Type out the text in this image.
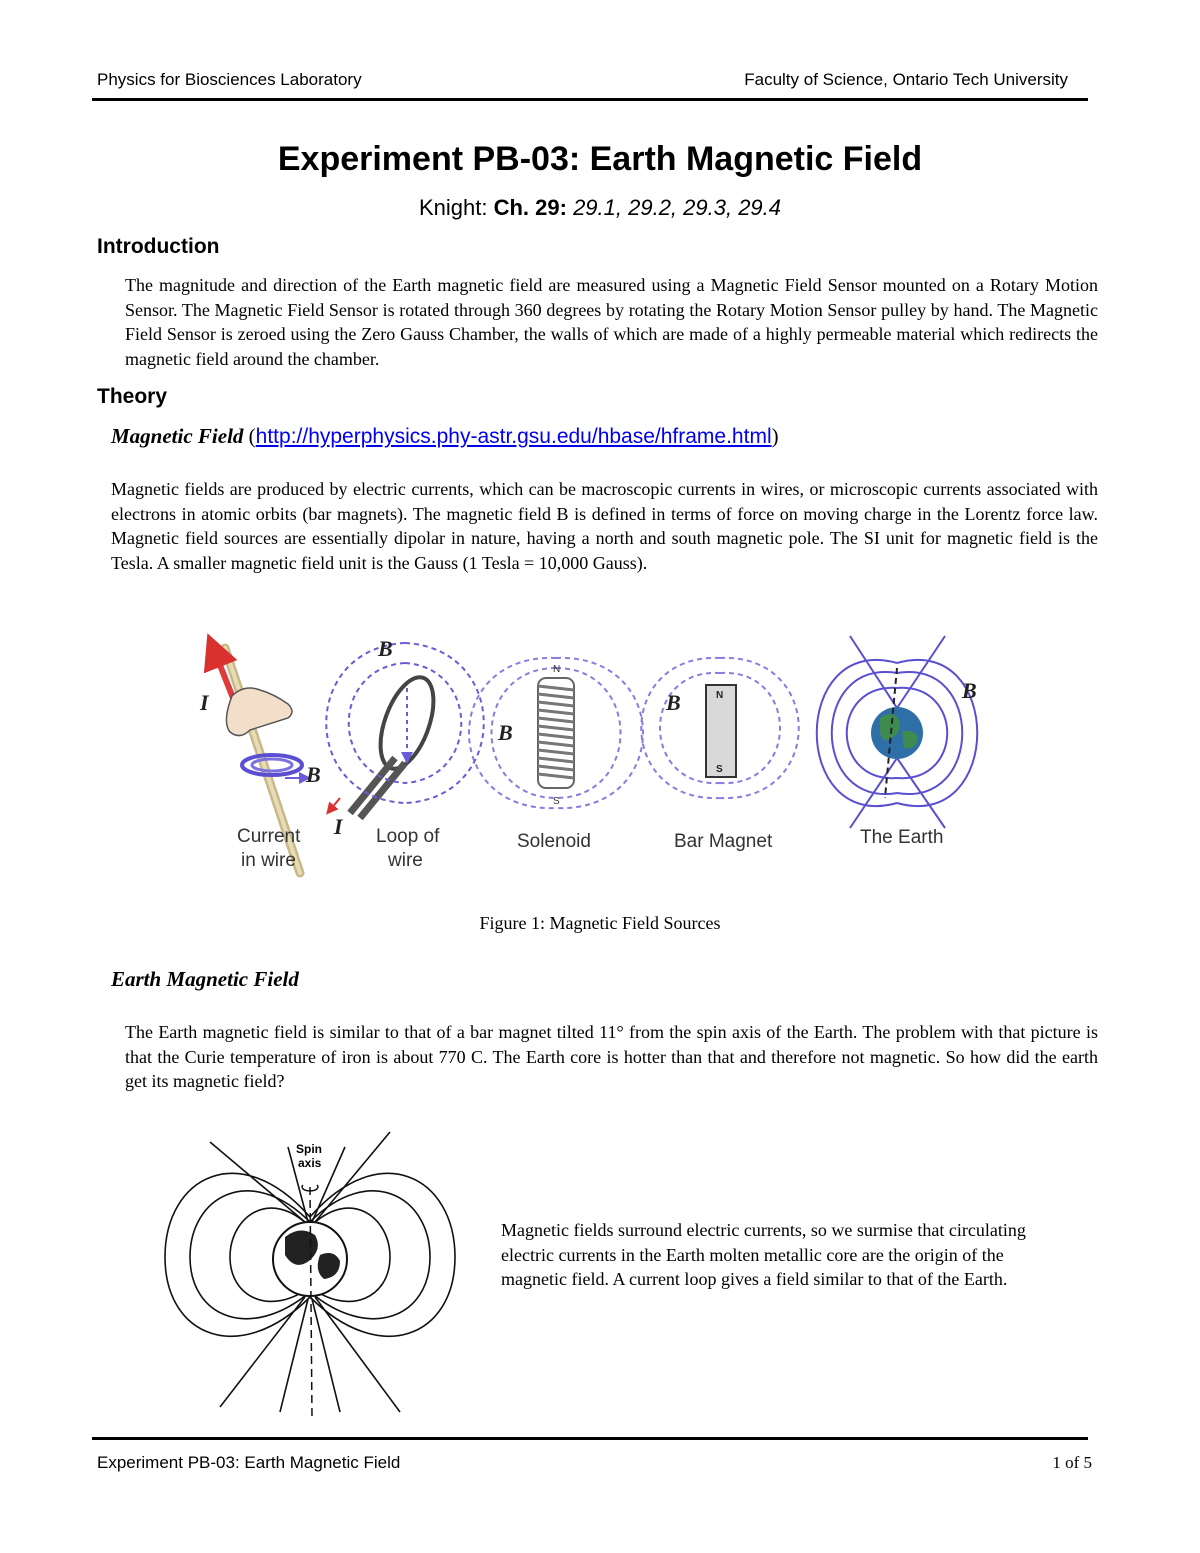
Physics for Biosciences Laboratory	Faculty of Science, Ontario Tech University
Experiment PB-03: Earth Magnetic Field
Knight: Ch. 29: 29.1, 29.2, 29.3, 29.4
Introduction
The magnitude and direction of the Earth magnetic field are measured using a Magnetic Field Sensor mounted on a Rotary Motion Sensor. The Magnetic Field Sensor is rotated through 360 degrees by rotating the Rotary Motion Sensor pulley by hand. The Magnetic Field Sensor is zeroed using the Zero Gauss Chamber, the walls of which are made of a highly permeable material which redirects the magnetic field around the chamber.
Theory
Magnetic Field (http://hyperphysics.phy-astr.gsu.edu/hbase/hframe.html)
Magnetic fields are produced by electric currents, which can be macroscopic currents in wires, or microscopic currents associated with electrons in atomic orbits (bar magnets). The magnetic field B is defined in terms of force on moving charge in the Lorentz force law. Magnetic field sources are essentially dipolar in nature, having a north and south magnetic pole. The SI unit for magnetic field is the Tesla. A smaller magnetic field unit is the Gauss (1 Tesla = 10,000 Gauss).
I
B
B
I
N
S
B
N
S
B	B
Current
in wire
Loop of
wire
Solenoid	Bar Magnet	The Earth
Figure 1: Magnetic Field Sources
Earth Magnetic Field
The Earth magnetic field is similar to that of a bar magnet tilted 11° from the spin axis of the Earth. The problem with that picture is that the Curie temperature of iron is about 770 C. The Earth core is hotter than that and therefore not magnetic. So how did the earth get its magnetic field?
Spin
axis
Magnetic fields surround electric currents, so we surmise that circulating electric currents in the Earth molten metallic core are the origin of the magnetic field. A current loop gives a field similar to that of the Earth.
Experiment PB-03: Earth Magnetic Field	1 of 5
